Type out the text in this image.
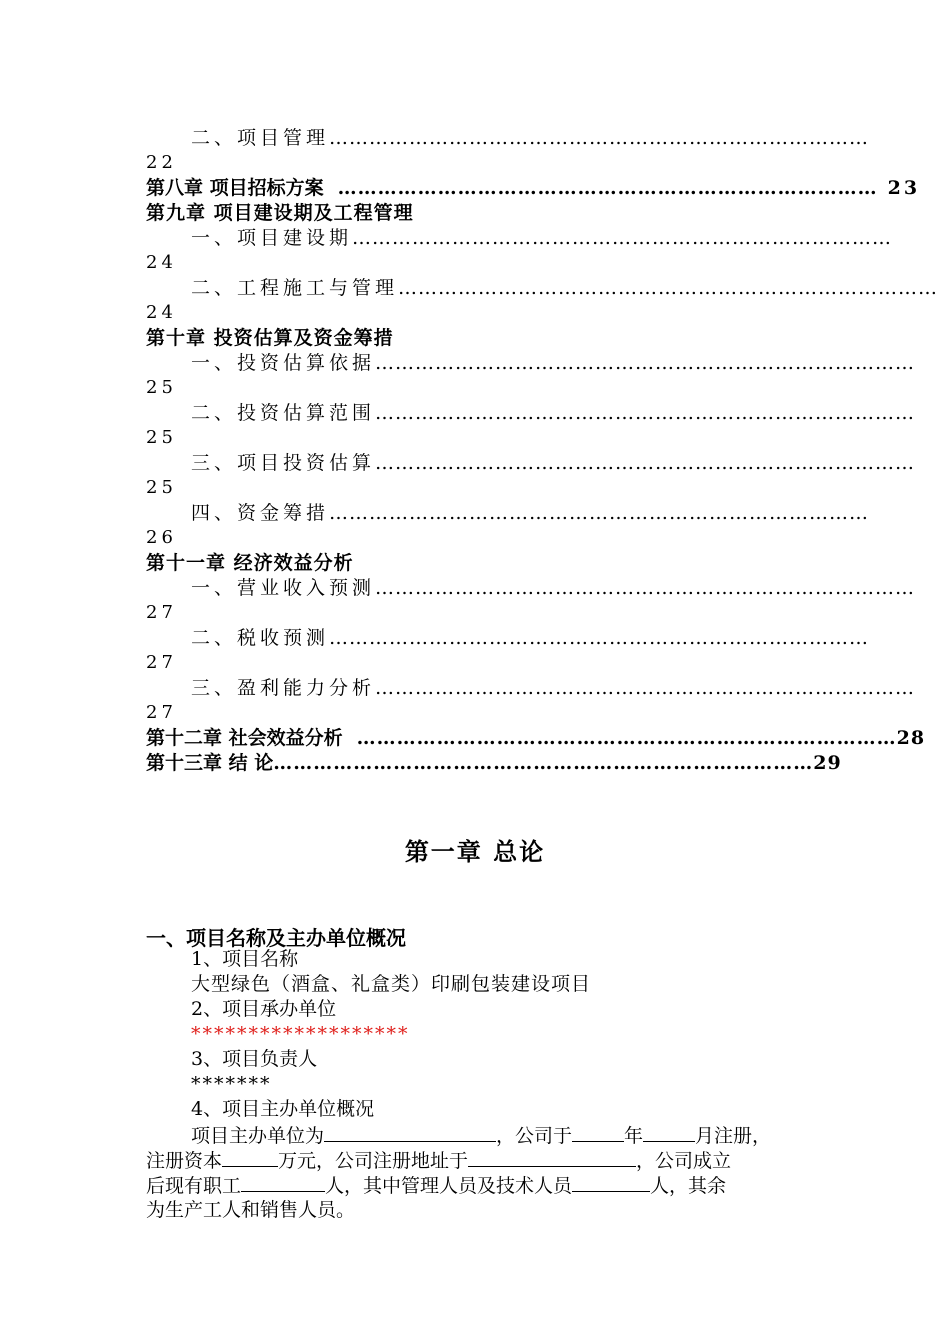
二、项目管理………………………………………………………………………
22
第八章 项目招标方案 ……………………………………………………………………… 23
第九章 项目建设期及工程管理
一、项目建设期………………………………………………………………………
24
二、工程施工与管理………………………………………………………………………
24
第十章 投资估算及资金筹措
一、投资估算依据………………………………………………………………………
25
二、投资估算范围………………………………………………………………………
25
三、项目投资估算………………………………………………………………………
25
四、资金筹措………………………………………………………………………
26
第十一章 经济效益分析
一、营业收入预测………………………………………………………………………
27
二、税收预测………………………………………………………………………
27
三、盈利能力分析………………………………………………………………………
27
第十二章 社会效益分析 ……………………………………………………………………… 28
第十三章 结 论 ……………………………………………………………………… 29
第一章 总论
一、项目名称及主办单位概况
1、项目名称
大型绿色（酒盒、礼盒类）印刷包装建设项目
2、项目承办单位
*******************
3、项目负责人
*******
4、项目主办单位概况
项目主办单位为	，公司于	年	月注册，
注册资本	万元，公司注册地址于	，公司成立
后现有职工	人，其中管理人员及技术人员	人，其余
为生产工人和销售人员。
